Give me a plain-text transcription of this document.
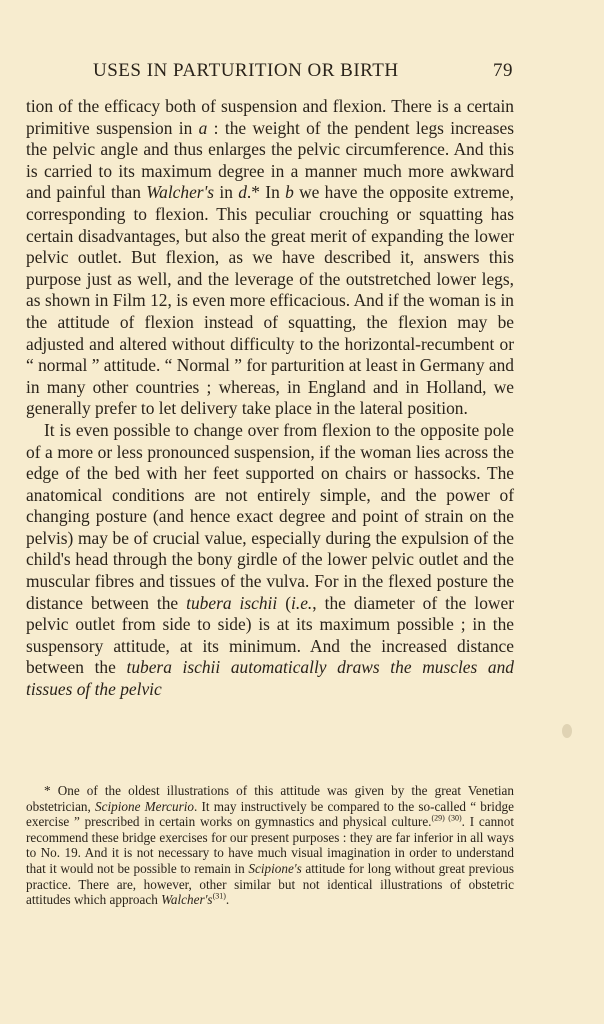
USES IN PARTURITION OR BIRTH	79

tion of the efficacy both of suspension and flexion. There is a certain primitive suspension in a : the weight of the pendent legs increases the pelvic angle and thus enlarges the pelvic circumference. And this is carried to its maximum degree in a manner much more awkward and painful than Walcher's in d.* In b we have the opposite extreme, corresponding to flexion. This peculiar crouching or squatting has certain disadvantages, but also the great merit of expanding the lower pelvic outlet. But flexion, as we have described it, answers this purpose just as well, and the leverage of the outstretched lower legs, as shown in Film 12, is even more efficacious. And if the woman is in the attitude of flexion instead of squatting, the flexion may be adjusted and altered without difficulty to the horizontal-recumbent or “ normal ” attitude. “ Normal ” for parturition at least in Germany and in many other countries ; whereas, in England and in Holland, we generally prefer to let delivery take place in the lateral position.

It is even possible to change over from flexion to the opposite pole of a more or less pronounced suspension, if the woman lies across the edge of the bed with her feet supported on chairs or hassocks. The anatomical conditions are not entirely simple, and the power of changing posture (and hence exact degree and point of strain on the pelvis) may be of crucial value, especially during the expulsion of the child's head through the bony girdle of the lower pelvic outlet and the muscular fibres and tissues of the vulva. For in the flexed posture the distance between the tubera ischii (i.e., the diameter of the lower pelvic outlet from side to side) is at its maximum possible ; in the suspensory attitude, at its minimum. And the increased distance between the tubera ischii automatically draws the muscles and tissues of the pelvic

* One of the oldest illustrations of this attitude was given by the great Venetian obstetrician, Scipione Mercurio. It may instructively be compared to the so-called “ bridge exercise ” prescribed in certain works on gymnastics and physical culture.$^{(29) (30)}$. I cannot recommend these bridge exercises for our present purposes : they are far inferior in all ways to No. 19. And it is not necessary to have much visual imagination in order to understand that it would not be possible to remain in Scipione's attitude for long without great previous practice. There are, however, other similar but not identical illustrations of obstetric attitudes which approach $Walcher's^{(31)}$.
